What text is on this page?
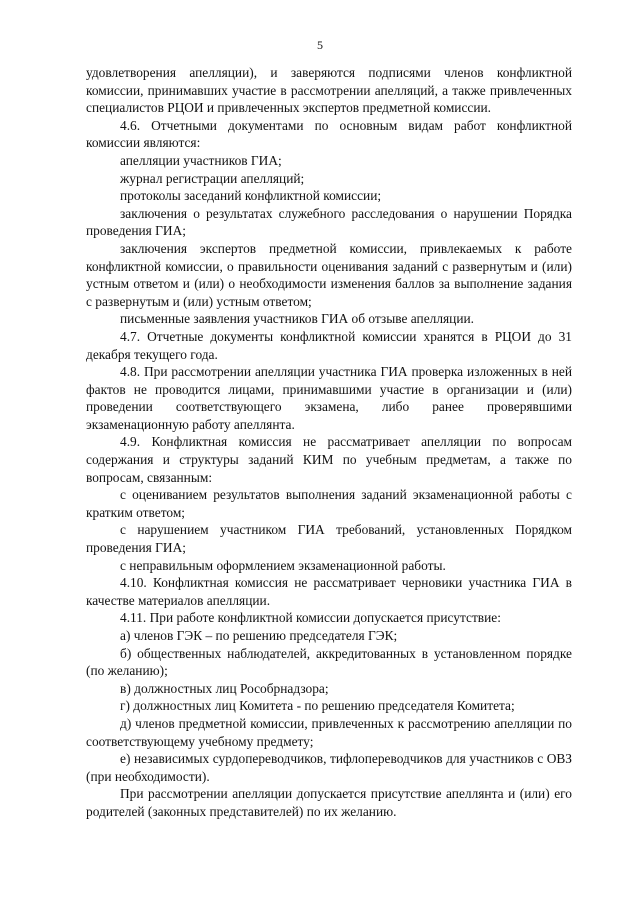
5

удовлетворения апелляции), и заверяются подписями членов конфликтной комиссии, принимавших участие в рассмотрении апелляций, а также привлеченных специалистов РЦОИ и привлеченных экспертов предметной комиссии.

4.6. Отчетными документами по основным видам работ конфликтной комиссии являются:

апелляции участников ГИА;

журнал регистрации апелляций;

протоколы заседаний конфликтной комиссии;

заключения о результатах служебного расследования о нарушении Порядка проведения ГИА;

заключения экспертов предметной комиссии, привлекаемых к работе конфликтной комиссии, о правильности оценивания заданий с развернутым и (или) устным ответом и (или) о необходимости изменения баллов за выполнение задания с развернутым и (или) устным ответом;

письменные заявления участников ГИА об отзыве апелляции.

4.7. Отчетные документы конфликтной комиссии хранятся в РЦОИ до 31 декабря текущего года.

4.8. При рассмотрении апелляции участника ГИА проверка изложенных в ней фактов не проводится лицами, принимавшими участие в организации и (или) проведении соответствующего экзамена, либо ранее проверявшими экзаменационную работу апеллянта.

4.9. Конфликтная комиссия не рассматривает апелляции по вопросам содержания и структуры заданий КИМ по учебным предметам, а также по вопросам, связанным:

с оцениванием результатов выполнения заданий экзаменационной работы с кратким ответом;

с нарушением участником ГИА требований, установленных Порядком проведения ГИА;

с неправильным оформлением экзаменационной работы.

4.10. Конфликтная комиссия не рассматривает черновики участника ГИА в качестве материалов апелляции.

4.11. При работе конфликтной комиссии допускается присутствие:

а) членов ГЭК – по решению председателя ГЭК;

б) общественных наблюдателей, аккредитованных в установленном порядке (по желанию);

в) должностных лиц Рособрнадзора;

г) должностных лиц Комитета - по решению председателя Комитета;

д) членов предметной комиссии, привлеченных к рассмотрению апелляции по соответствующему учебному предмету;

е) независимых сурдопереводчиков, тифлопереводчиков для участников с ОВЗ (при необходимости).

При рассмотрении апелляции допускается присутствие апеллянта и (или) его родителей (законных представителей) по их желанию.
